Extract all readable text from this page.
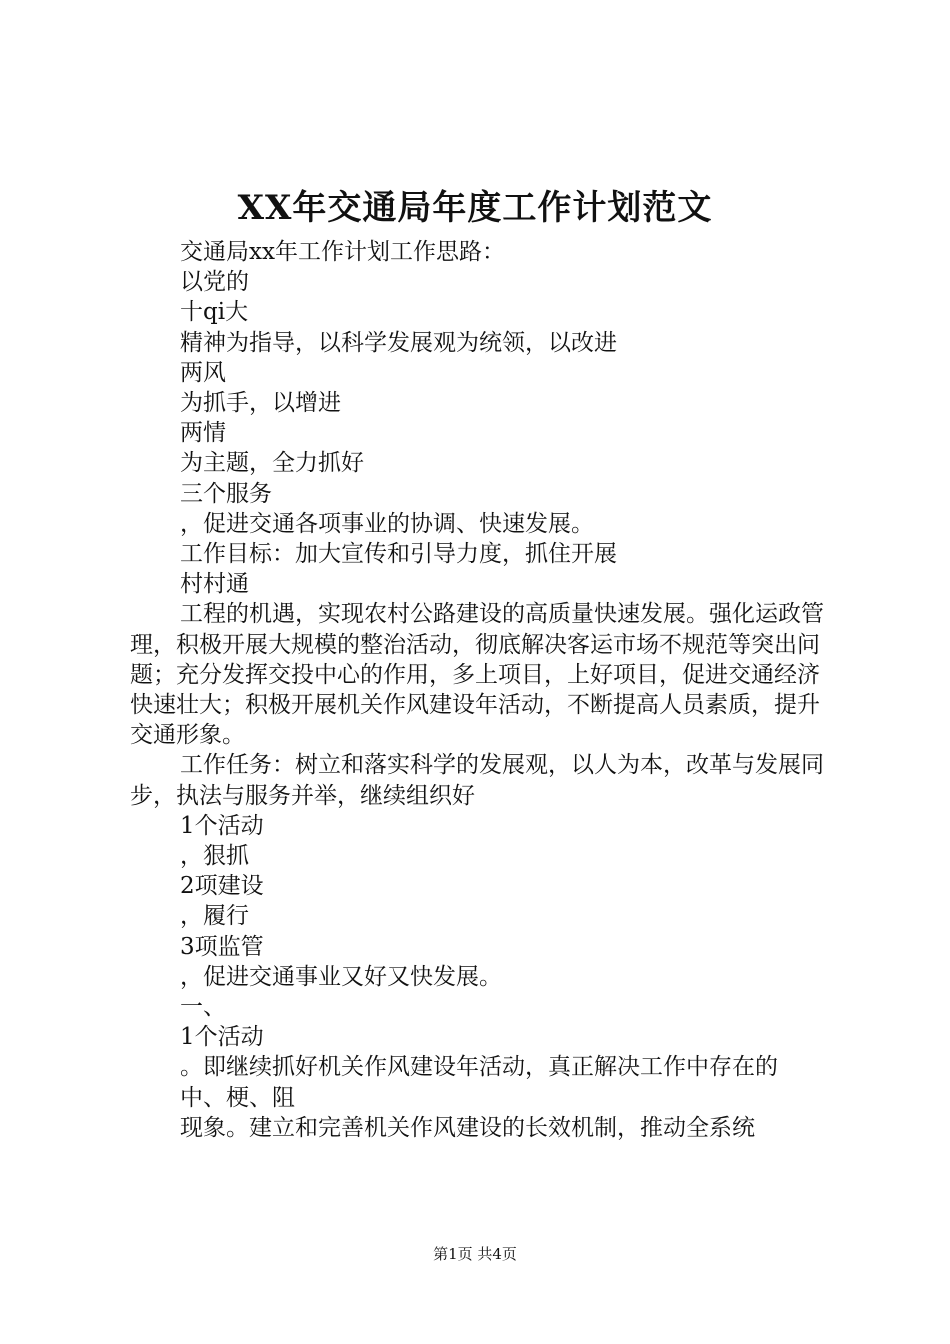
XX年交通局年度工作计划范文

交通局xx年工作计划工作思路：

以党的

十qi大

精神为指导，以科学发展观为统领，以改进

两风

为抓手，以增进

两情

为主题，全力抓好

三个服务

，促进交通各项事业的协调、快速发展。

工作目标：加大宣传和引导力度，抓住开展

村村通

工程的机遇，实现农村公路建设的高质量快速发展。强化运政管理，积极开展大规模的整治活动，彻底解决客运市场不规范等突出问题；充分发挥交投中心的作用，多上项目，上好项目，促进交通经济快速壮大；积极开展机关作风建设年活动，不断提高人员素质，提升交通形象。

工作任务：树立和落实科学的发展观，以人为本，改革与发展同步，执法与服务并举，继续组织好

1个活动

，狠抓

2项建设

，履行

3项监管

，促进交通事业又好又快发展。

一、

1个活动

。即继续抓好机关作风建设年活动，真正解决工作中存在的

中、梗、阻

现象。建立和完善机关作风建设的长效机制，推动全系统

第1页 共4页
